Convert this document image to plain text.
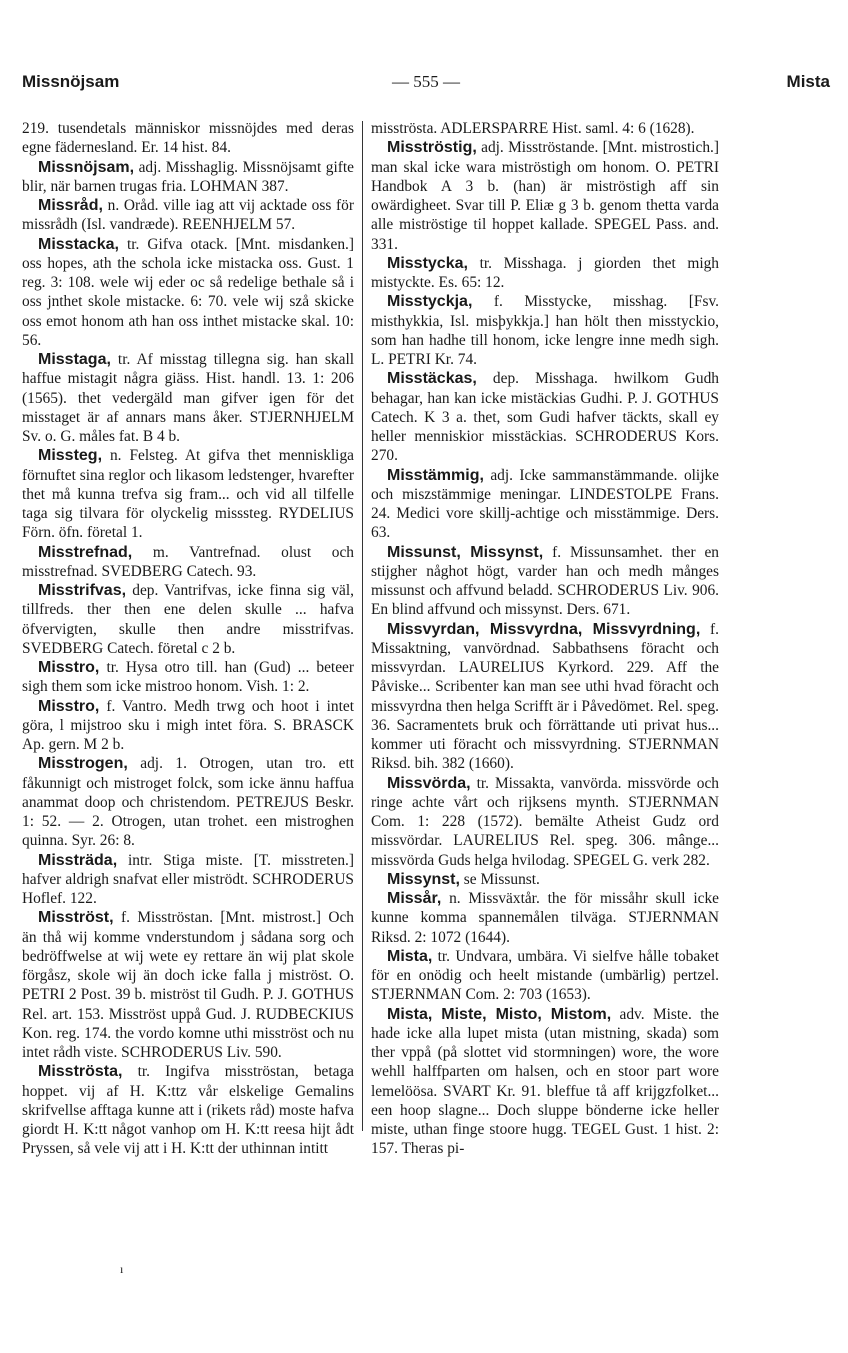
Missnöjsam	— 555 —	Mista

219. tusendetals människor missnöjdes med deras egne fädernesland. Er. 14 hist. 84.

Missnöjsam, adj. Misshaglig. Missnöjsamt gifte blir, när barnen trugas fria. LOHMAN 387.

Missråd, n. Oråd. ville iag att vij acktade oss för missrådh (Isl. vandræde). REENHJELM 57.

Misstacka, tr. Gifva otack. [Mnt. misdanken.] oss hopes, ath the schola icke mistacka oss. Gust. 1 reg. 3: 108. wele wij eder oc så redelige bethale så i oss jnthet skole mistacke. 6: 70. vele wij szå skicke oss emot honom ath han oss inthet mistacke skal. 10: 56.

Misstaga, tr. Af misstag tillegna sig. han skall haffue mistagit några giäss. Hist. handl. 13. 1: 206 (1565). thet vedergäld man gifver igen för det misstaget är af annars mans åker. STJERNHJELM Sv. o. G. måles fat. B 4 b.

Missteg, n. Felsteg. At gifva thet menniskliga förnuftet sina reglor och likasom ledstenger, hvarefter thet må kunna trefva sig fram... och vid all tilfelle taga sig tilvara för olyckelig misssteg. RYDELIUS Förn. öfn. företal 1.

Misstrefnad, m. Vantrefnad. olust och misstrefnad. SVEDBERG Catech. 93.

Misstrifvas, dep. Vantrifvas, icke finna sig väl, tillfreds. ther then ene delen skulle ... hafva öfvervigten, skulle then andre misstrifvas. SVEDBERG Catech. företal c 2 b.

Misstro, tr. Hysa otro till. han (Gud) ... beteer sigh them som icke mistroo honom. Vish. 1: 2.

Misstro, f. Vantro. Medh trwg och hoot i intet göra, l mijstroo sku i migh intet föra. S. BRASCK Ap. gern. M 2 b.

Misstrogen, adj. 1. Otrogen, utan tro. ett fåkunnigt och mistroget folck, som icke ännu haffua anammat doop och christendom. PETREJUS Beskr. 1: 52. — 2. Otrogen, utan trohet. een mistroghen quinna. Syr. 26: 8.

Missträda, intr. Stiga miste. [T. misstreten.] hafver aldrigh snafvat eller miströdt. SCHRODERUS Hoflef. 122.

Misströst, f. Misströstan. [Mnt. mistrost.] Och än thå wij komme vnderstundom j sådana sorg och bedröffwelse at wij wete ey rettare än wij plat skole förgåsz, skole wij än doch icke falla j miströst. O. PETRI 2 Post. 39 b. miströst til Gudh. P. J. GOTHUS Rel. art. 153. Misströst uppå Gud. J. RUDBECKIUS Kon. reg. 174. the vordo komne uthi misströst och nu intet rådh viste. SCHRODERUS Liv. 590.

Misströsta, tr. Ingifva misströstan, betaga hoppet. vij af H. K:ttz vår elskelige Gemalins skrifvellse afftaga kunne att i (rikets råd) moste hafva giordt H. K:tt något vanhop om H. K:tt reesa hijt ådt Pryssen, så vele vij att i H. K:tt der uthinnan intitt

misströsta. ADLERSPARRE Hist. saml. 4: 6 (1628).

Misströstig, adj. Misströstande. [Mnt. mistrostich.] man skal icke wara miströstigh om honom. O. PETRI Handbok A 3 b. (han) är miströstigh aff sin owärdigheet. Svar till P. Eliæ g 3 b. genom thetta varda alle miströstige til hoppet kallade. SPEGEL Pass. and. 331.

Misstycka, tr. Misshaga. j giorden thet migh mistyckte. Es. 65: 12.

Misstyckja, f. Misstycke, misshag. [Fsv. misthykkia, Isl. misþykkja.] han hölt then misstyckio, som han hadhe till honom, icke lengre inne medh sigh. L. PETRI Kr. 74.

Misstäckas, dep. Misshaga. hwilkom Gudh behagar, han kan icke mistäckias Gudhi. P. J. GOTHUS Catech. K 3 a. thet, som Gudi hafver täckts, skall ey heller menniskior misstäckias. SCHRODERUS Kors. 270.

Misstämmig, adj. Icke sammanstämmande. olijke och miszstämmige meningar. LINDESTOLPE Frans. 24. Medici vore skillj-achtige och misstämmige. Ders. 63.

Missunst, Missynst, f. Missunsamhet. ther en stijgher någhot högt, varder han och medh månges missunst och affvund beladd. SCHRODERUS Liv. 906. En blind affvund och missynst. Ders. 671.

Missvyrdan, Missvyrdna, Missvyrdning, f. Missaktning, vanvördnad. Sabbathsens föracht och missvyrdan. LAURELIUS Kyrkord. 229. Aff the Påviske... Scribenter kan man see uthi hvad föracht och missvyrdna then helga Scrifft är i Påvedömet. Rel. speg. 36. Sacramentets bruk och förrättande uti privat hus... kommer uti föracht och missvyrdning. STJERNMAN Riksd. bih. 382 (1660).

Missvörda, tr. Missakta, vanvörda. missvörde och ringe achte vårt och rijksens mynth. STJERNMAN Com. 1: 228 (1572). bemälte Atheist Gudz ord missvördar. LAURELIUS Rel. speg. 306. mânge... missvörda Guds helga hvilodag. SPEGEL G. verk 282.

Missynst, se Missunst.

Missår, n. Missväxtår. the för missåhr skull icke kunne komma spannemålen tilväga. STJERNMAN Riksd. 2: 1072 (1644).

Mista, tr. Undvara, umbära. Vi sielfve hålle tobaket för en onödig och heelt mistande (umbärlig) pertzel. STJERNMAN Com. 2: 703 (1653).

Mista, Miste, Misto, Mistom, adv. Miste. the hade icke alla lupet mista (utan mistning, skada) som ther vppå (på slottet vid stormningen) wore, the wore wehll halffparten om halsen, och en stoor part wore lemelöösa. SVART Kr. 91. bleffue tå aff krijgzfolket... een hoop slagne... Doch sluppe bönderne icke heller miste, uthan finge stoore hugg. TEGEL Gust. 1 hist. 2: 157. Theras pi-

ı
